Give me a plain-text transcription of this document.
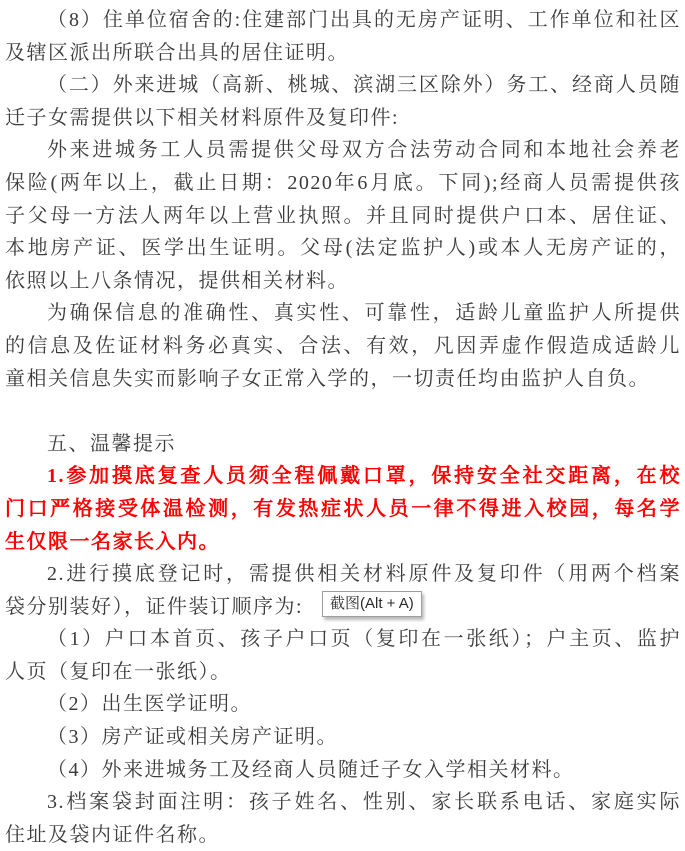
（8）住单位宿舍的:住建部门出具的无房产证明、工作单位和社区
及辖区派出所联合出具的居住证明。
（二）外来进城（高新、桃城、滨湖三区除外）务工、经商人员随
迁子女需提供以下相关材料原件及复印件:
外来进城务工人员需提供父母双方合法劳动合同和本地社会养老
保险(两年以上，截止日期：2020年6月底。下同);经商人员需提供孩
子父母一方法人两年以上营业执照。并且同时提供户口本、居住证、
本地房产证、医学出生证明。父母(法定监护人)或本人无房产证的，
依照以上八条情况，提供相关材料。
为确保信息的准确性、真实性、可靠性，适龄儿童监护人所提供
的信息及佐证材料务必真实、合法、有效，凡因弄虚作假造成适龄儿
童相关信息失实而影响子女正常入学的，一切责任均由监护人自负。
五、温馨提示
1.参加摸底复查人员须全程佩戴口罩，保持安全社交距离，在校
门口严格接受体温检测，有发热症状人员一律不得进入校园，每名学
生仅限一名家长入内。
2.进行摸底登记时，需提供相关材料原件及复印件（用两个档案
袋分别装好），证件装订顺序为:
（1）户口本首页、孩子户口页（复印在一张纸）；户主页、监护
人页（复印在一张纸）。
（2）出生医学证明。
（3）房产证或相关房产证明。
（4）外来进城务工及经商人员随迁子女入学相关材料。
3.档案袋封面注明：孩子姓名、性别、家长联系电话、家庭实际
住址及袋内证件名称。
截图(Alt + A)
